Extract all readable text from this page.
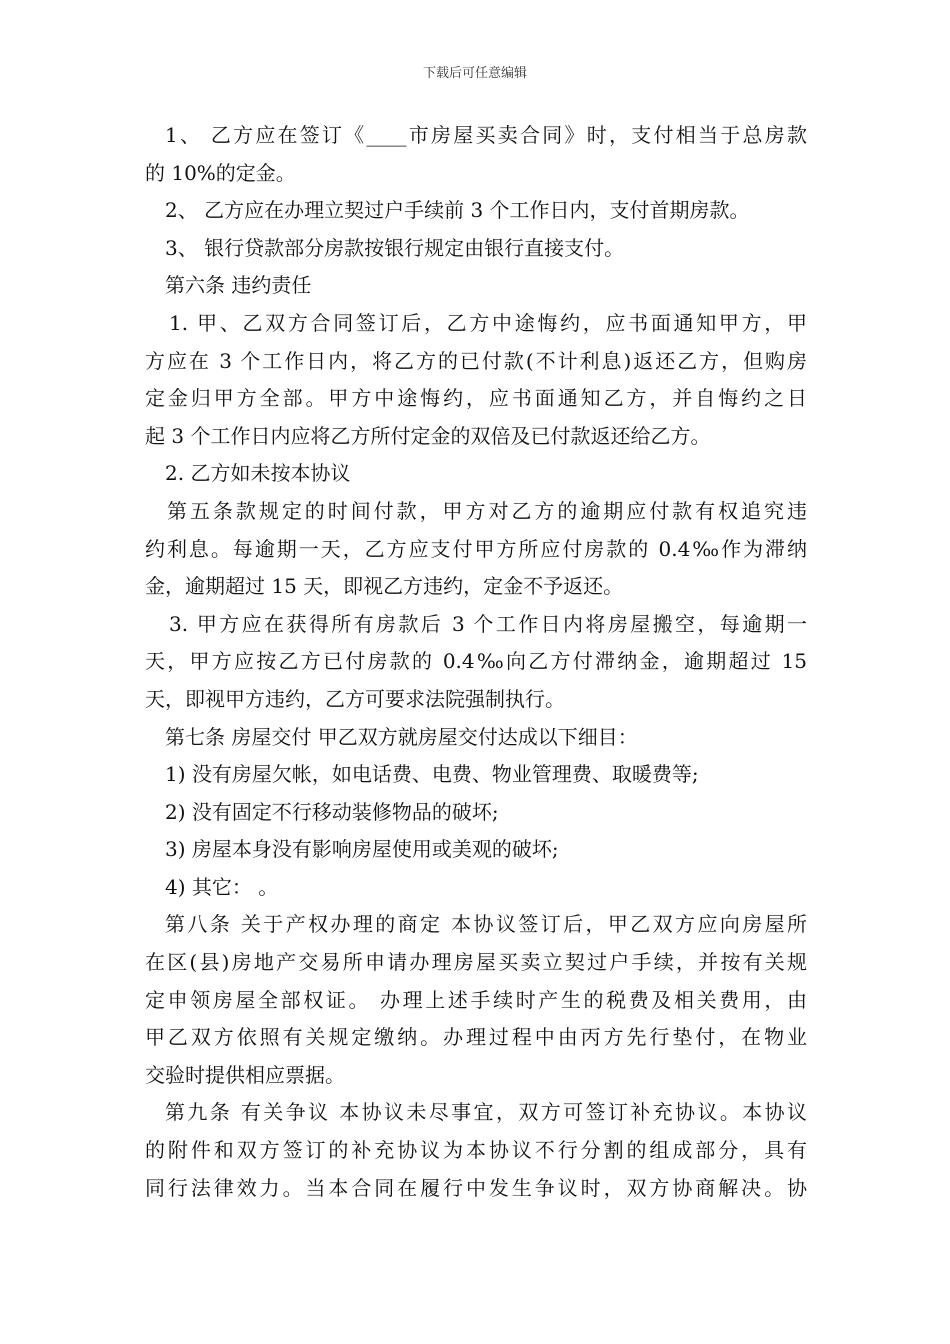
下载后可任意编辑

1、 乙方应在签订《____市房屋买卖合同》时，支付相当于总房款

的 10%的定金。

2、 乙方应在办理立契过户手续前 3 个工作日内，支付首期房款。

3、 银行贷款部分房款按银行规定由银行直接支付。

第六条 违约责任

1. 甲、乙双方合同签订后，乙方中途悔约，应书面通知甲方，甲

方应在 3 个工作日内，将乙方的已付款(不计利息)返还乙方，但购房

定金归甲方全部。甲方中途悔约，应书面通知乙方，并自悔约之日

起 3 个工作日内应将乙方所付定金的双倍及已付款返还给乙方。

2. 乙方如未按本协议

第五条款规定的时间付款，甲方对乙方的逾期应付款有权追究违

约利息。每逾期一天，乙方应支付甲方所应付房款的 0.4‰作为滞纳

金，逾期超过 15 天，即视乙方违约，定金不予返还。

3. 甲方应在获得所有房款后 3 个工作日内将房屋搬空，每逾期一

天，甲方应按乙方已付房款的 0.4‰向乙方付滞纳金，逾期超过 15

天，即视甲方违约，乙方可要求法院强制执行。

第七条 房屋交付 甲乙双方就房屋交付达成以下细目：

1) 没有房屋欠帐，如电话费、电费、物业管理费、取暖费等;

2) 没有固定不行移动装修物品的破坏;

3) 房屋本身没有影响房屋使用或美观的破坏;

4) 其它： 。

第八条 关于产权办理的商定 本协议签订后，甲乙双方应向房屋所

在区(县)房地产交易所申请办理房屋买卖立契过户手续，并按有关规

定申领房屋全部权证。 办理上述手续时产生的税费及相关费用，由

甲乙双方依照有关规定缴纳。办理过程中由丙方先行垫付，在物业

交验时提供相应票据。

第九条 有关争议 本协议未尽事宜，双方可签订补充协议。本协议

的附件和双方签订的补充协议为本协议不行分割的组成部分，具有

同行法律效力。当本合同在履行中发生争议时，双方协商解决。协
